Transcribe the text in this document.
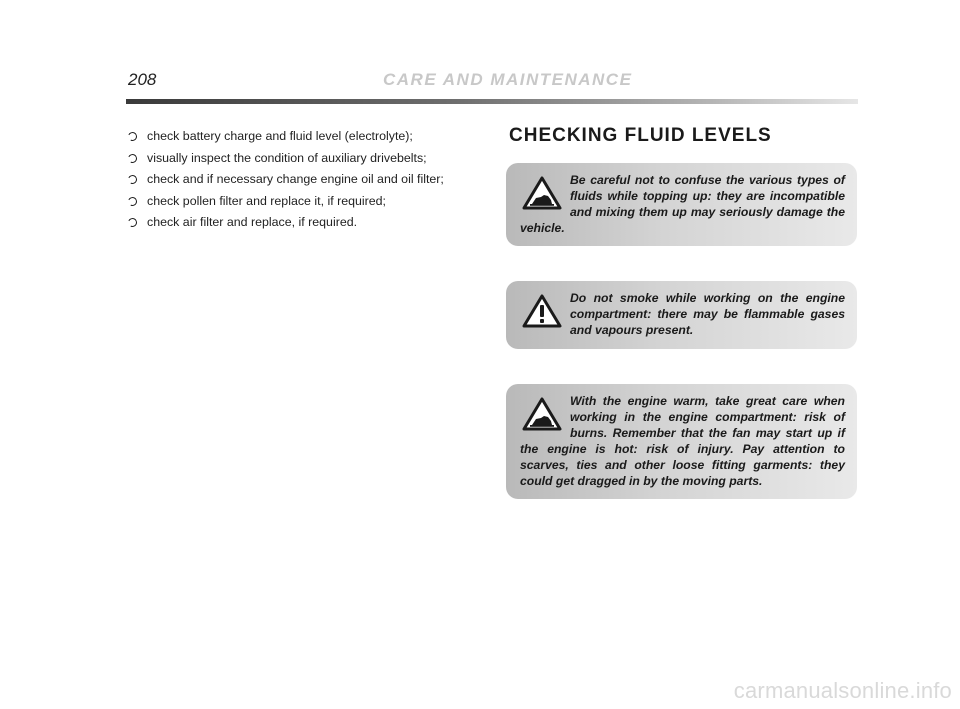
208	CARE AND MAINTENANCE
check battery charge and fluid level (electrolyte);
visually inspect the condition of auxiliary drivebelts;
check and if necessary change engine oil and oil filter;
check pollen filter and replace it, if required;
check air filter and replace, if required.
CHECKING FLUID LEVELS

Be careful not to confuse the various types of fluids while topping up: they are incompatible and mixing them up may seriously damage the vehicle.

Do not smoke while working on the engine compartment: there may be flammable gases and vapours present.

With the engine warm, take great care when working in the engine compartment: risk of burns. Remember that the fan may start up if the engine is hot: risk of injury. Pay attention to scarves, ties and other loose fitting garments: they could get dragged in by the moving parts.

carmanualsonline.info
